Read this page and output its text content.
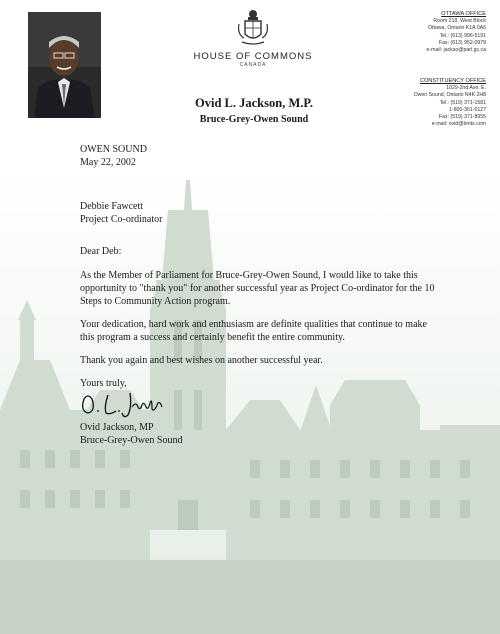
HOUSE OF COMMONS
CANADA
Ovid L. Jackson, M.P.
Bruce-Grey-Owen Sound
OTTAWA OFFICE
Room 218, West Block
Ottawa, Ontario K1A 0A6
Tel.: (613) 996-5191
Fax: (613) 952-0979
e-mail: jackso@parl.gc.ca
CONSTITUENCY OFFICE
1029-2nd Ave. E.
Owen Sound, Ontario N4K 2H8
Tel.: (519) 371-1581
1-800-361-0127
Fax: (519) 371-8955
e-mail: ovid@bmts.com
OWEN SOUND
May 22, 2002
Debbie Fawcett
Project Co-ordinator
Dear Deb:
As the Member of Parliament for Bruce-Grey-Owen Sound, I would like to take this
opportunity to "thank you" for another successful year as Project Co-ordinator for the 10
Steps to Community Action program.
Your dedication, hard work and enthusiasm are definite qualities that continue to make
this program a success and certainly benefit the entire community.
Thank you again and best wishes on another successful year.
Yours truly,
Ovid Jackson, MP
Bruce-Grey-Owen Sound
